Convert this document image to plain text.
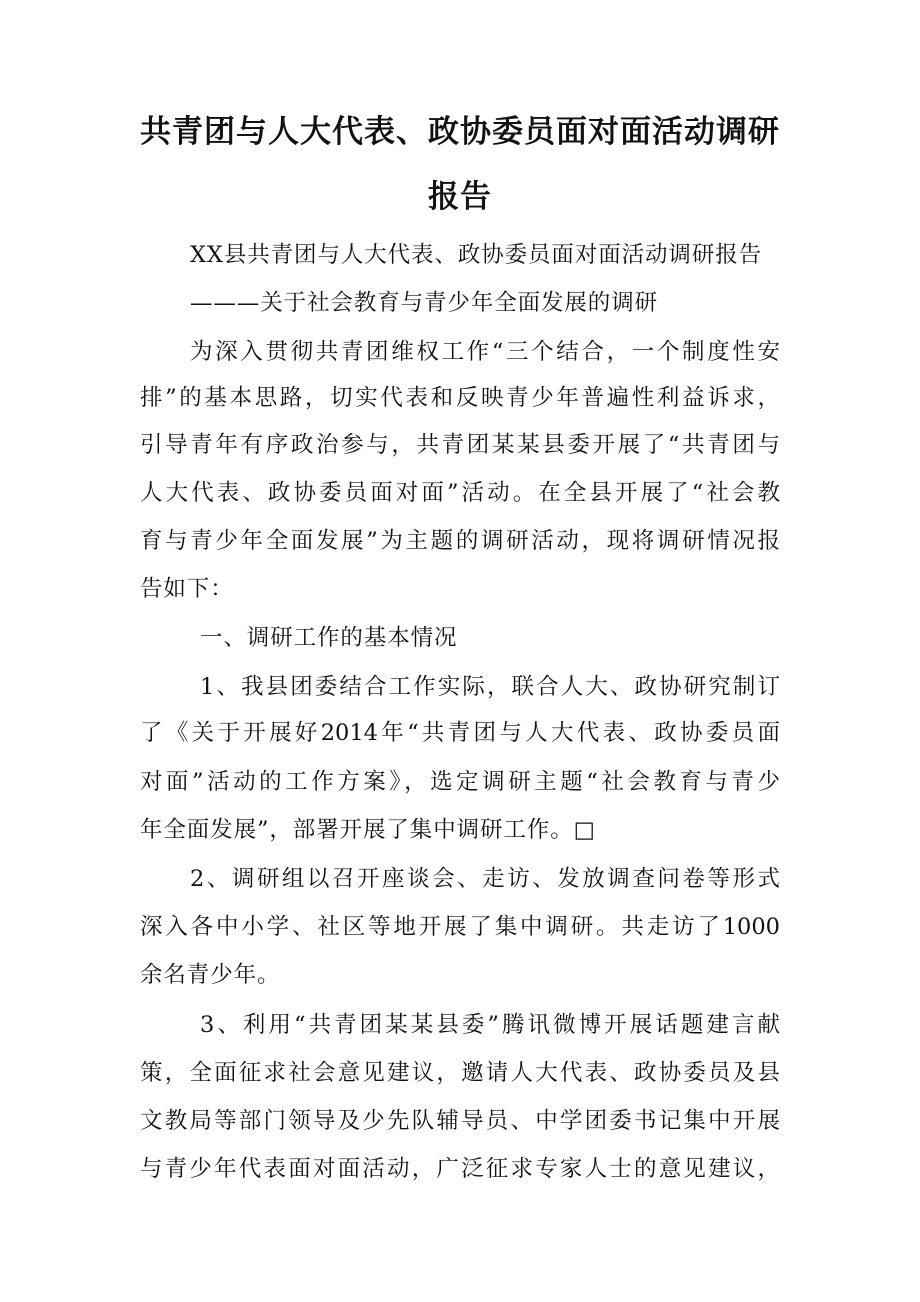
共青团与人大代表、政协委员面对面活动调研
报告
XX县共青团与人大代表、政协委员面对面活动调研报告
———关于社会教育与青少年全面发展的调研
为深入贯彻共青团维权工作“三个结合，一个制度性安
排”的基本思路，切实代表和反映青少年普遍性利益诉求，
引导青年有序政治参与，共青团某某县委开展了“共青团与
人大代表、政协委员面对面”活动。在全县开展了“社会教
育与青少年全面发展”为主题的调研活动，现将调研情况报
告如下：
一、调研工作的基本情况
1、我县团委结合工作实际，联合人大、政协研究制订
了《关于开展好2014年“共青团与人大代表、政协委员面
对面”活动的工作方案》，选定调研主题“社会教育与青少
年全面发展”，部署开展了集中调研工作。□
2、调研组以召开座谈会、走访、发放调查问卷等形式
深入各中小学、社区等地开展了集中调研。共走访了1000
余名青少年。
3、利用“共青团某某县委”腾讯微博开展话题建言献
策，全面征求社会意见建议，邀请人大代表、政协委员及县
文教局等部门领导及少先队辅导员、中学团委书记集中开展
与青少年代表面对面活动，广泛征求专家人士的意见建议，
